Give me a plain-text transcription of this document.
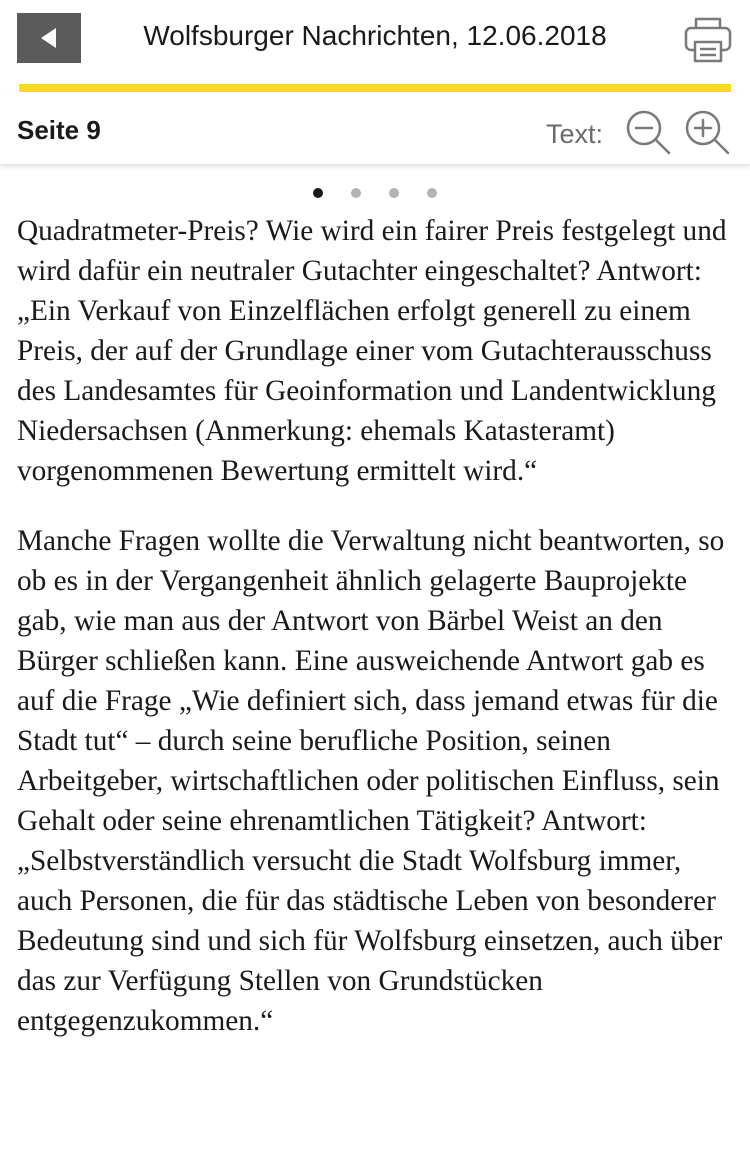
Wolfsburger Nachrichten, 12.06.2018
Seite 9	Text:

Quadratmeter-Preis? Wie wird ein fairer Preis festgelegt und wird dafür ein neutraler Gutachter eingeschaltet? Antwort: „Ein Verkauf von Einzelflächen erfolgt generell zu einem Preis, der auf der Grundlage einer vom Gutachterausschuss des Landesamtes für Geoinformation und Landentwicklung Niedersachsen (Anmerkung: ehemals Katasteramt) vorgenommenen Bewertung ermittelt wird.“

Manche Fragen wollte die Verwaltung nicht beantworten, so ob es in der Vergangenheit ähnlich gelagerte Bauprojekte gab, wie man aus der Antwort von Bärbel Weist an den Bürger schließen kann. Eine ausweichende Antwort gab es auf die Frage „Wie definiert sich, dass jemand etwas für die Stadt tut“ – durch seine berufliche Position, seinen Arbeitgeber, wirtschaftlichen oder politischen Einfluss, sein Gehalt oder seine ehrenamtlichen Tätigkeit? Antwort: „Selbstverständlich versucht die Stadt Wolfsburg immer, auch Personen, die für das städtische Leben von besonderer Bedeutung sind und sich für Wolfsburg einsetzen, auch über das zur Verfügung Stellen von Grundstücken entgegenzukommen.“
